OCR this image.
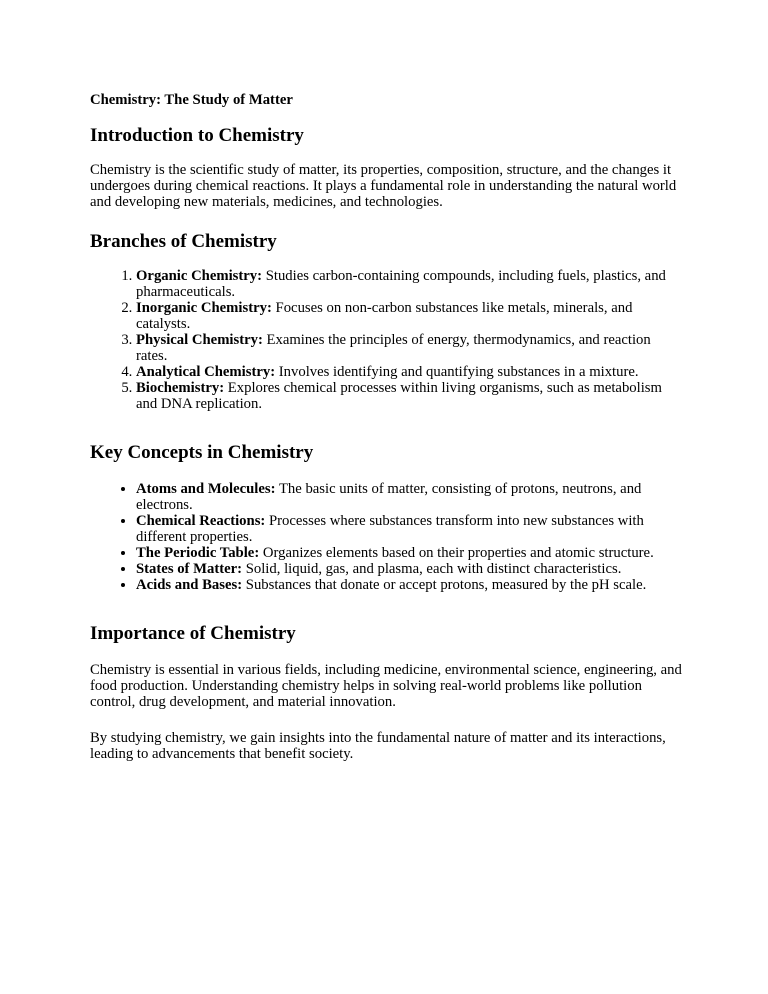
Chemistry: The Study of Matter

Introduction to Chemistry

Chemistry is the scientific study of matter, its properties, composition, structure, and the changes it undergoes during chemical reactions. It plays a fundamental role in understanding the natural world and developing new materials, medicines, and technologies.

Branches of Chemistry
1. Organic Chemistry: Studies carbon-containing compounds, including fuels, plastics, and pharmaceuticals.
2. Inorganic Chemistry: Focuses on non-carbon substances like metals, minerals, and catalysts.
3. Physical Chemistry: Examines the principles of energy, thermodynamics, and reaction rates.
4. Analytical Chemistry: Involves identifying and quantifying substances in a mixture.
5. Biochemistry: Explores chemical processes within living organisms, such as metabolism and DNA replication.
Key Concepts in Chemistry
• Atoms and Molecules: The basic units of matter, consisting of protons, neutrons, and electrons.
• Chemical Reactions: Processes where substances transform into new substances with different properties.
• The Periodic Table: Organizes elements based on their properties and atomic structure.
• States of Matter: Solid, liquid, gas, and plasma, each with distinct characteristics.
• Acids and Bases: Substances that donate or accept protons, measured by the pH scale.
Importance of Chemistry

Chemistry is essential in various fields, including medicine, environmental science, engineering, and food production. Understanding chemistry helps in solving real-world problems like pollution control, drug development, and material innovation.

By studying chemistry, we gain insights into the fundamental nature of matter and its interactions, leading to advancements that benefit society.
